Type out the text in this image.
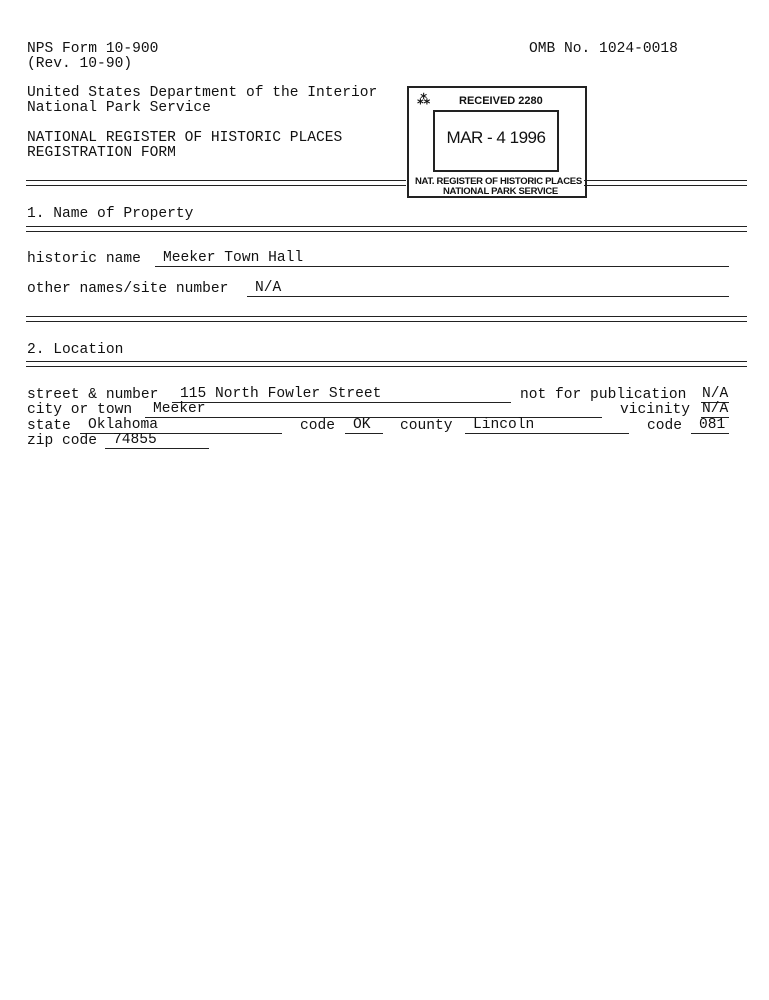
NPS Form 10-900
(Rev. 10-90)
OMB No. 1024-0018
United States Department of the Interior
National Park Service
NATIONAL REGISTER OF HISTORIC PLACES
REGISTRATION FORM
⁂	RECEIVED 2280
MAR - 4 1996
NAT. REGISTER OF HISTORIC PLACES
NATIONAL PARK SERVICE
1. Name of Property
historic name	Meeker Town Hall
other names/site number	N/A
2. Location
street & number	115 North Fowler Street	not for publication N/A
city or town	Meeker	vicinity N/A
state	Oklahoma	code	OK	county	Lincoln	code	081
zip code	74855
